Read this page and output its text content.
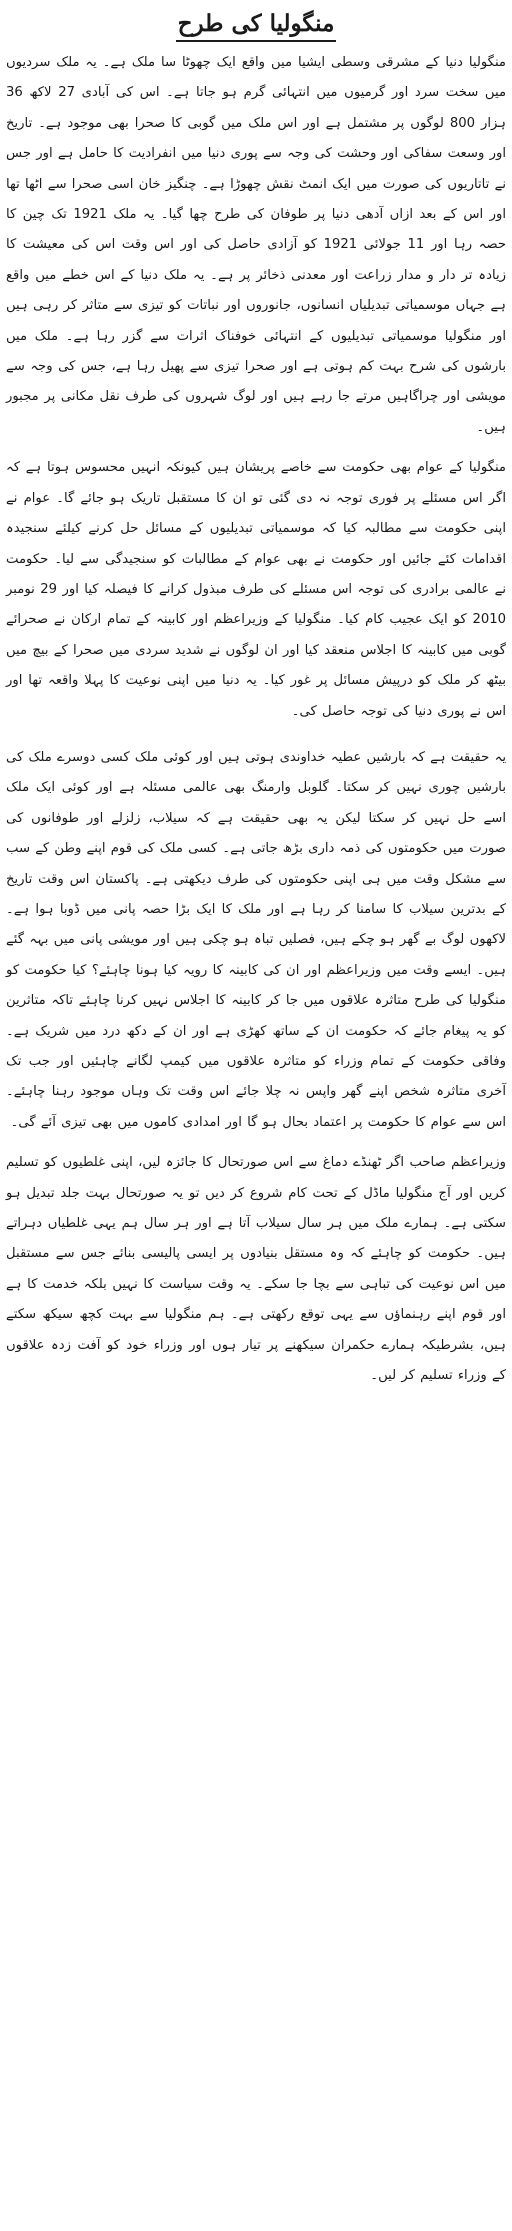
منگولیا کی طرح

منگولیا دنیا کے مشرقی وسطی ایشیا میں واقع ایک چھوٹا سا ملک ہے۔ یہ ملک سردیوں میں سخت سرد اور گرمیوں میں انتہائی گرم ہو جاتا ہے۔ اس کی آبادی 27 لاکھ 36 ہزار 800 لوگوں پر مشتمل ہے اور اس ملک میں گوبی کا صحرا بھی موجود ہے۔ تاریخ اور وسعت سفاکی اور وحشت کی وجہ سے پوری دنیا میں انفرادیت کا حامل ہے اور جس نے تاتاریوں کی صورت میں ایک انمٹ نقش چھوڑا ہے۔ چنگیز خان اسی صحرا سے اٹھا تھا اور اس کے بعد ازاں آدھی دنیا پر طوفان کی طرح چھا گیا۔ یہ ملک 1921 تک چین کا حصہ رہا اور 11 جولائی 1921 کو آزادی حاصل کی اور اس وقت اس کی معیشت کا زیادہ تر دار و مدار زراعت اور معدنی ذخائر پر ہے۔ یہ ملک دنیا کے اس خطے میں واقع ہے جہاں موسمیاتی تبدیلیاں انسانوں، جانوروں اور نباتات کو تیزی سے متاثر کر رہی ہیں اور منگولیا موسمیاتی تبدیلیوں کے انتہائی خوفناک اثرات سے گزر رہا ہے۔ ملک میں بارشوں کی شرح بہت کم ہوتی ہے اور صحرا تیزی سے پھیل رہا ہے، جس کی وجہ سے مویشی اور چراگاہیں مرتے جا رہے ہیں اور لوگ شہروں کی طرف نقل مکانی پر مجبور ہیں۔

منگولیا کے عوام بھی حکومت سے خاصے پریشان ہیں کیونکہ انہیں محسوس ہوتا ہے کہ اگر اس مسئلے پر فوری توجہ نہ دی گئی تو ان کا مستقبل تاریک ہو جائے گا۔ عوام نے اپنی حکومت سے مطالبہ کیا کہ موسمیاتی تبدیلیوں کے مسائل حل کرنے کیلئے سنجیدہ اقدامات کئے جائیں اور حکومت نے بھی عوام کے مطالبات کو سنجیدگی سے لیا۔ حکومت نے عالمی برادری کی توجہ اس مسئلے کی طرف مبذول کرانے کا فیصلہ کیا اور 29 نومبر 2010 کو ایک عجیب کام کیا۔ منگولیا کے وزیراعظم اور کابینہ کے تمام ارکان نے صحرائے گوبی میں کابینہ کا اجلاس منعقد کیا اور ان لوگوں نے شدید سردی میں صحرا کے بیچ میں بیٹھ کر ملک کو درپیش مسائل پر غور کیا۔ یہ دنیا میں اپنی نوعیت کا پہلا واقعہ تھا اور اس نے پوری دنیا کی توجہ حاصل کی۔

یہ حقیقت ہے کہ بارشیں عطیہ خداوندی ہوتی ہیں اور کوئی ملک کسی دوسرے ملک کی بارشیں چوری نہیں کر سکتا۔ گلوبل وارمنگ بھی عالمی مسئلہ ہے اور کوئی ایک ملک اسے حل نہیں کر سکتا لیکن یہ بھی حقیقت ہے کہ سیلاب، زلزلے اور طوفانوں کی صورت میں حکومتوں کی ذمہ داری بڑھ جاتی ہے۔ کسی ملک کی قوم اپنے وطن کے سب سے مشکل وقت میں ہی اپنی حکومتوں کی طرف دیکھتی ہے۔ پاکستان اس وقت تاریخ کے بدترین سیلاب کا سامنا کر رہا ہے اور ملک کا ایک بڑا حصہ پانی میں ڈوبا ہوا ہے۔ لاکھوں لوگ بے گھر ہو چکے ہیں، فصلیں تباہ ہو چکی ہیں اور مویشی پانی میں بہہ گئے ہیں۔ ایسے وقت میں وزیراعظم اور ان کی کابینہ کا رویہ کیا ہونا چاہئے؟ کیا حکومت کو منگولیا کی طرح متاثرہ علاقوں میں جا کر کابینہ کا اجلاس نہیں کرنا چاہئے تاکہ متاثرین کو یہ پیغام جائے کہ حکومت ان کے ساتھ کھڑی ہے اور ان کے دکھ درد میں شریک ہے۔ وفاقی حکومت کے تمام وزراء کو متاثرہ علاقوں میں کیمپ لگانے چاہئیں اور جب تک آخری متاثرہ شخص اپنے گھر واپس نہ چلا جائے اس وقت تک وہاں موجود رہنا چاہئے۔ اس سے عوام کا حکومت پر اعتماد بحال ہو گا اور امدادی کاموں میں بھی تیزی آئے گی۔

وزیراعظم صاحب اگر ٹھنڈے دماغ سے اس صورتحال کا جائزہ لیں، اپنی غلطیوں کو تسلیم کریں اور آج منگولیا ماڈل کے تحت کام شروع کر دیں تو یہ صورتحال بہت جلد تبدیل ہو سکتی ہے۔ ہمارے ملک میں ہر سال سیلاب آتا ہے اور ہر سال ہم یہی غلطیاں دہراتے ہیں۔ حکومت کو چاہئے کہ وہ مستقل بنیادوں پر ایسی پالیسی بنائے جس سے مستقبل میں اس نوعیت کی تباہی سے بچا جا سکے۔ یہ وقت سیاست کا نہیں بلکہ خدمت کا ہے اور قوم اپنے رہنماؤں سے یہی توقع رکھتی ہے۔ ہم منگولیا سے بہت کچھ سیکھ سکتے ہیں، بشرطیکہ ہمارے حکمران سیکھنے پر تیار ہوں اور وزراء خود کو آفت زدہ علاقوں کے وزراء تسلیم کر لیں۔
